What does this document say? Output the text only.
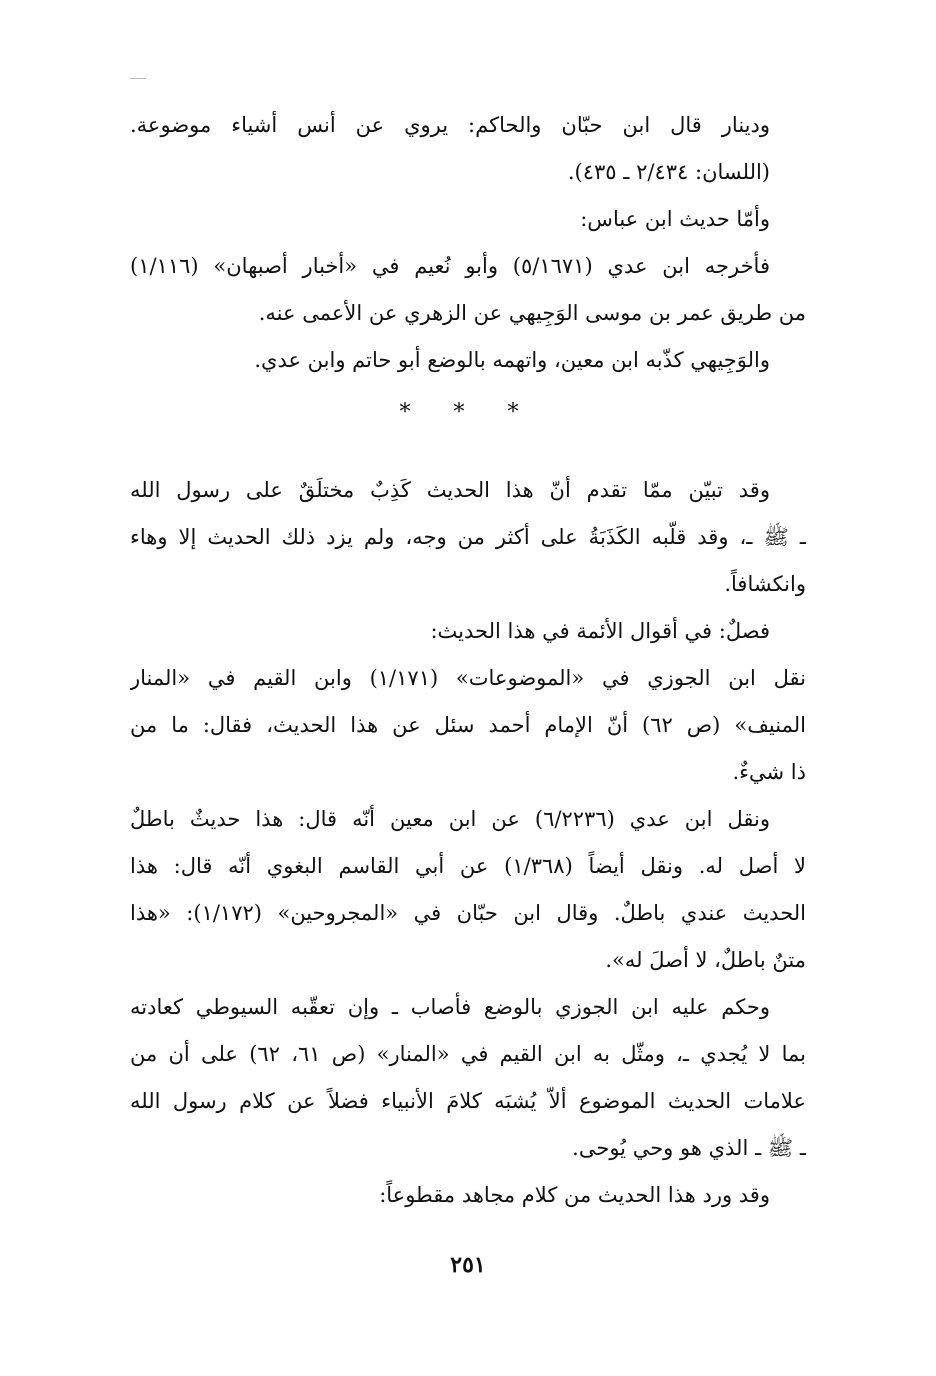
ودينار قال ابن حبّان والحاكم: يروي عن أنس أشياء موضوعة.
(اللسان: ٢/٤٣٤ ـ ٤٣٥).
وأمّا حديث ابن عباس:
فأخرجه ابن عدي (٥/١٦٧١) وأبو نُعيم في «أخبار أصبهان» (١/١١٦)
من طريق عمر بن موسى الوَجِيهي عن الزهري عن الأعمى عنه.
والوَجِيهي كذّبه ابن معين، واتهمه بالوضع أبو حاتم وابن عدي.
* * *
وقد تبيّن ممّا تقدم أنّ هذا الحديث كَذِبٌ مختلَقٌ على رسول الله
ـ ﷺ ـ، وقد قلّبه الكَذَبَةُ على أكثر من وجه، ولم يزد ذلك الحديث إلا وهاء
وانكشافاً.
فصلٌ: في أقوال الأئمة في هذا الحديث:
نقل ابن الجوزي في «الموضوعات» (١/١٧١) وابن القيم في «المنار
المنيف» (ص ٦٢) أنّ الإمام أحمد سئل عن هذا الحديث، فقال: ما من
ذا شيءٌ.
ونقل ابن عدي (٦/٢٢٣٦) عن ابن معين أنّه قال: هذا حديثٌ باطلٌ
لا أصل له. ونقل أيضاً (١/٣٦٨) عن أبي القاسم البغوي أنّه قال: هذا
الحديث عندي باطلٌ. وقال ابن حبّان في «المجروحين» (١/١٧٢): «هذا
متنٌ باطلٌ، لا أصلَ له».
وحكم عليه ابن الجوزي بالوضع فأصاب ـ وإن تعقّبه السيوطي كعادته
بما لا يُجدي ـ، ومثّل به ابن القيم في «المنار» (ص ٦١، ٦٢) على أن من
علامات الحديث الموضوع ألاّ يُشبَه كلامَ الأنبياء فضلاً عن كلام رسول الله
ـ ﷺ ـ الذي هو وحي يُوحى.
وقد ورد هذا الحديث من كلام مجاهد مقطوعاً:
٢٥١
